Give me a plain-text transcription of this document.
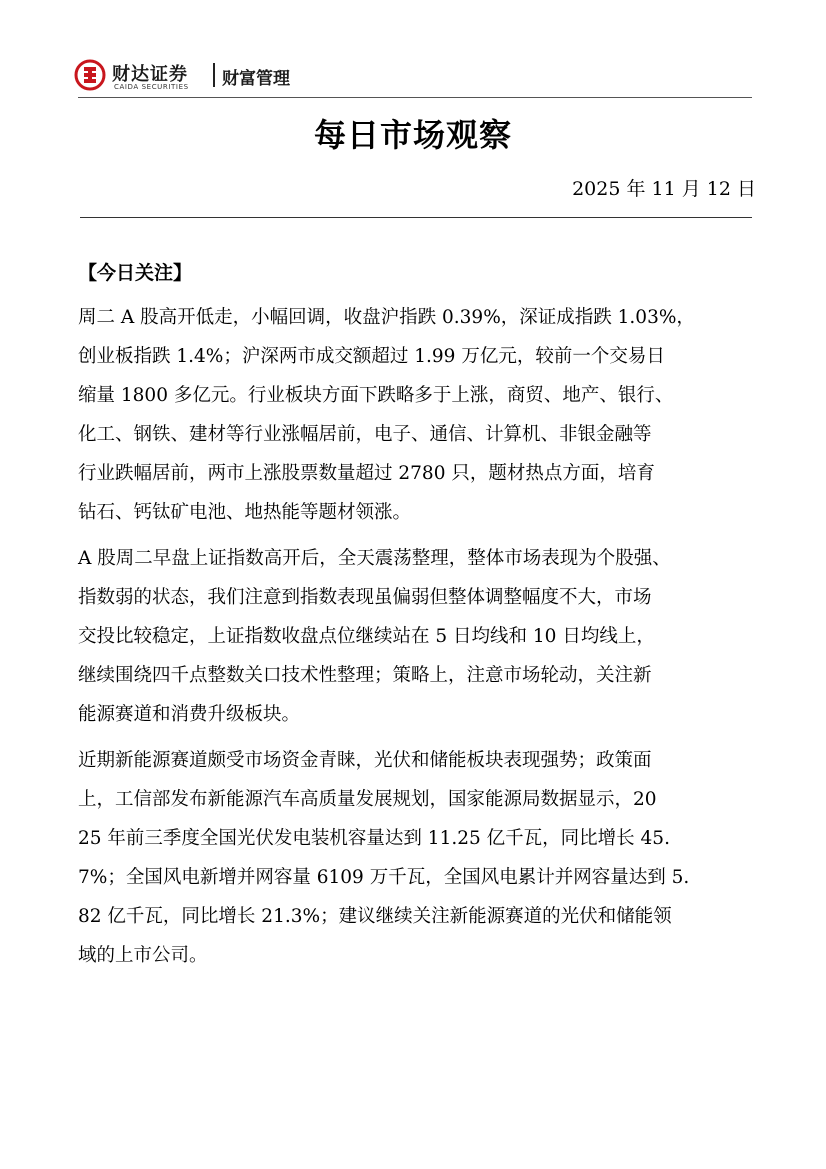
财达证券
CAIDA SECURITIES 财富管理
每日市场观察
2025 年 11 月 12 日
【今日关注】
周二 A 股高开低走，小幅回调，收盘沪指跌 0.39%，深证成指跌 1.03%，
创业板指跌 1.4%；沪深两市成交额超过 1.99 万亿元，较前一个交易日
缩量 1800 多亿元。行业板块方面下跌略多于上涨，商贸、地产、银行、
化工、钢铁、建材等行业涨幅居前，电子、通信、计算机、非银金融等
行业跌幅居前，两市上涨股票数量超过 2780 只，题材热点方面，培育
钻石、钙钛矿电池、地热能等题材领涨。
A 股周二早盘上证指数高开后，全天震荡整理，整体市场表现为个股强、
指数弱的状态，我们注意到指数表现虽偏弱但整体调整幅度不大，市场
交投比较稳定，上证指数收盘点位继续站在 5 日均线和 10 日均线上，
继续围绕四千点整数关口技术性整理；策略上，注意市场轮动，关注新
能源赛道和消费升级板块。
近期新能源赛道颇受市场资金青睐，光伏和储能板块表现强势；政策面
上，工信部发布新能源汽车高质量发展规划，国家能源局数据显示，20
25 年前三季度全国光伏发电装机容量达到 11.25 亿千瓦，同比增长 45.
7%；全国风电新增并网容量 6109 万千瓦，全国风电累计并网容量达到 5.
82 亿千瓦，同比增长 21.3%；建议继续关注新能源赛道的光伏和储能领
域的上市公司。
